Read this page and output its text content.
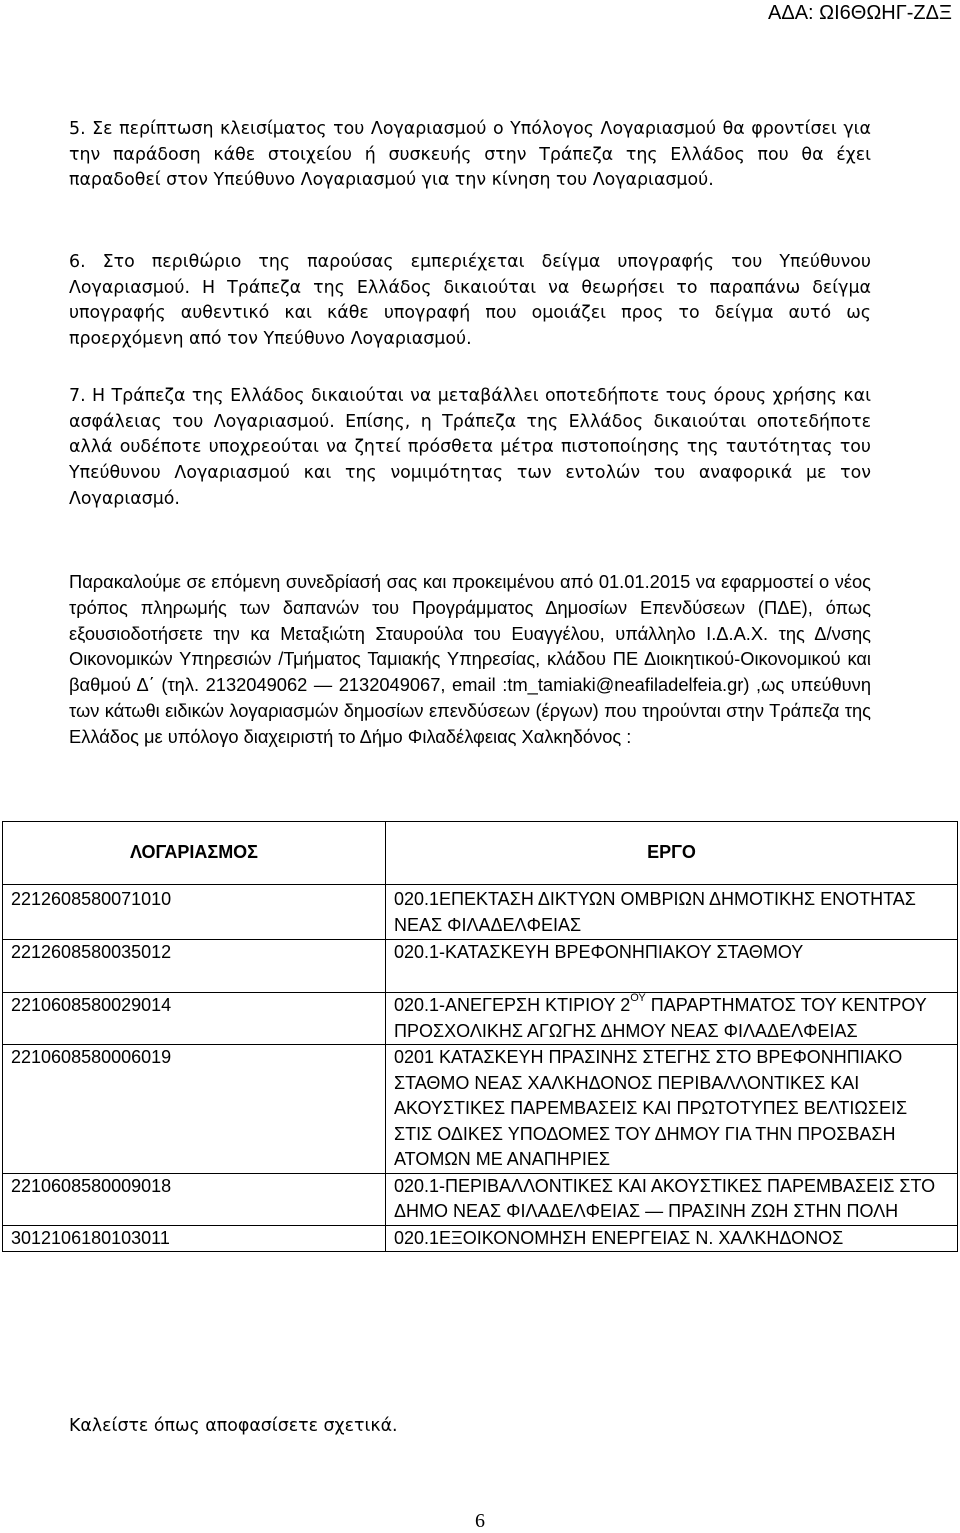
ΑΔΑ: ΩΙ6ΘΩΗΓ-ΖΔΞ

5. Σε περίπτωση κλεισίματος του Λογαριασμού ο Υπόλογος Λογαριασμού θα φροντίσει για την παράδοση κάθε στοιχείου ή συσκευής στην Τράπεζα της Ελλάδος που θα έχει παραδοθεί στον Υπεύθυνο Λογαριασμού για την κίνηση του Λογαριασμού.

6. Στο περιθώριο της παρούσας εμπεριέχεται δείγμα υπογραφής του Υπεύθυνου Λογαριασμού. Η Τράπεζα της Ελλάδος δικαιούται να θεωρήσει το παραπάνω δείγμα υπογραφής αυθεντικό και κάθε υπογραφή που ομοιάζει προς το δείγμα αυτό ως προερχόμενη από τον Υπεύθυνο Λογαριασμού.

7. Η Τράπεζα της Ελλάδος δικαιούται να μεταβάλλει οποτεδήποτε τους όρους χρήσης και ασφάλειας του Λογαριασμού. Επίσης, η Τράπεζα της Ελλάδος δικαιούται οποτεδήποτε αλλά ουδέποτε υποχρεούται να ζητεί πρόσθετα μέτρα πιστοποίησης της ταυτότητας του Υπεύθυνου Λογαριασμού και της νομιμότητας των εντολών του αναφορικά με τον Λογαριασμό.

Παρακαλούμε σε επόμενη συνεδρίασή σας και προκειμένου από 01.01.2015 να εφαρμοστεί ο νέος τρόπος πληρωμής των δαπανών του Προγράμματος Δημοσίων Επενδύσεων (ΠΔΕ), όπως εξουσιοδοτήσετε την κα Μεταξιώτη Σταυρούλα του Ευαγγέλου, υπάλληλο Ι.Δ.Α.Χ. της Δ/νσης Οικονομικών Υπηρεσιών /Τμήματος Ταμιακής Υπηρεσίας, κλάδου ΠΕ Διοικητικού-Οικονομικού και βαθμού Δ΄ (τηλ. 2132049062 — 2132049067, email :tm_tamiaki@neafiladelfeia.gr) ,ως υπεύθυνη των κάτωθι ειδικών λογαριασμών δημοσίων επενδύσεων (έργων) που τηρούνται στην Τράπεζα της Ελλάδος με υπόλογο διαχειριστή το Δήμο Φιλαδέλφειας Χαλκηδόνος :

ΛΟΓΑΡΙΑΣΜΟΣ	ΕΡΓΟ
2212608580071010	020.1ΕΠΕΚΤΑΣΗ ΔΙΚΤΥΩΝ ΟΜΒΡΙΩΝ ΔΗΜΟΤΙΚΗΣ ΕΝΟΤΗΤΑΣ ΝΕΑΣ ΦΙΛΑΔΕΛΦΕΙΑΣ
2212608580035012	020.1-ΚΑΤΑΣΚΕΥΗ ΒΡΕΦΟΝΗΠΙΑΚΟΥ ΣΤΑΘΜΟΥ
2210608580029014	020.1-ΑΝΕΓΕΡΣΗ ΚΤΙΡΙΟΥ $2^{O\Upsilon}$ ΠΑΡΑΡΤΗΜΑΤΟΣ ΤΟΥ ΚΕΝΤΡΟΥ ΠΡΟΣΧΟΛΙΚΗΣ ΑΓΩΓΗΣ ΔΗΜΟΥ ΝΕΑΣ ΦΙΛΑΔΕΛΦΕΙΑΣ
2210608580006019	0201 ΚΑΤΑΣΚΕΥΗ ΠΡΑΣΙΝΗΣ ΣΤΕΓΗΣ ΣΤΟ ΒΡΕΦΟΝΗΠΙΑΚΟ ΣΤΑΘΜΟ ΝΕΑΣ ΧΑΛΚΗΔΟΝΟΣ ΠΕΡΙΒΑΛΛΟΝΤΙΚΕΣ ΚΑΙ ΑΚΟΥΣΤΙΚΕΣ ΠΑΡΕΜΒΑΣΕΙΣ ΚΑΙ ΠΡΩΤΟΤΥΠΕΣ ΒΕΛΤΙΩΣΕΙΣ ΣΤΙΣ ΟΔΙΚΕΣ ΥΠΟΔΟΜΕΣ ΤΟΥ ΔΗΜΟΥ ΓΙΑ ΤΗΝ ΠΡΟΣΒΑΣΗ ΑΤΟΜΩΝ ΜΕ ΑΝΑΠΗΡΙΕΣ
2210608580009018	020.1-ΠΕΡΙΒΑΛΛΟΝΤΙΚΕΣ ΚΑΙ ΑΚΟΥΣΤΙΚΕΣ ΠΑΡΕΜΒΑΣΕΙΣ ΣΤΟ ΔΗΜΟ ΝΕΑΣ ΦΙΛΑΔΕΛΦΕΙΑΣ — ΠΡΑΣΙΝΗ ΖΩΗ ΣΤΗΝ ΠΟΛΗ
3012106180103011	020.1ΕΞΟΙΚΟΝΟΜΗΣΗ ΕΝΕΡΓΕΙΑΣ Ν. ΧΑΛΚΗΔΟΝΟΣ
Καλείστε όπως αποφασίσετε σχετικά.
6
